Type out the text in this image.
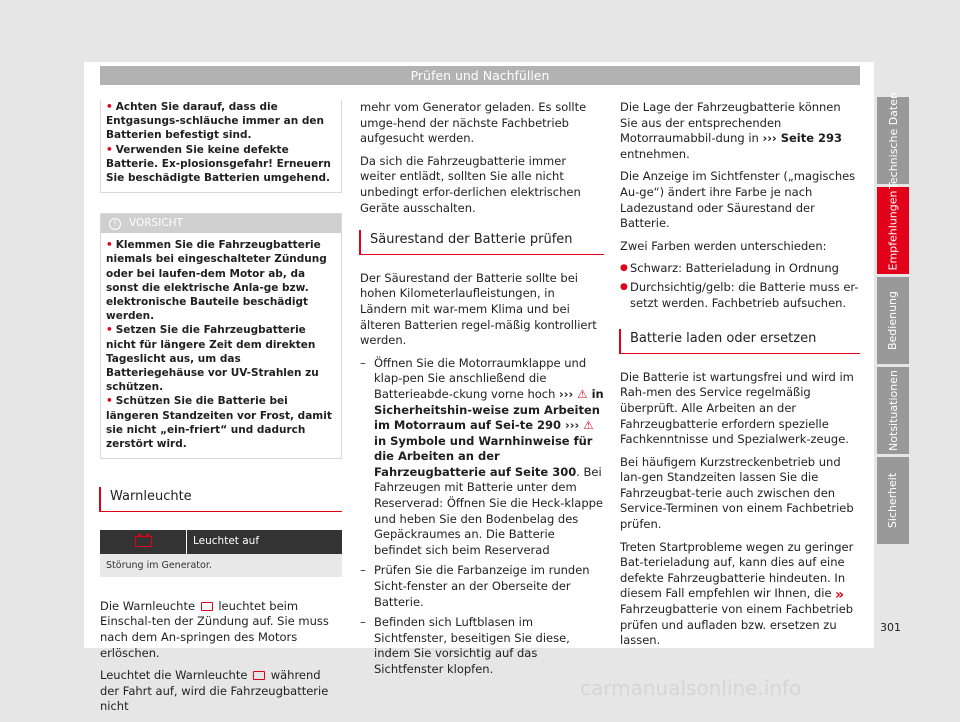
Prüfen und Nachfüllen

• Achten Sie darauf, dass die Entgasungs-schläuche immer an den Batterien befestigt sind.

• Verwenden Sie keine defekte Batterie. Ex-plosionsgefahr! Erneuern Sie beschädigte Batterien umgehend.

!	VORSICHT

• Klemmen Sie die Fahrzeugbatterie niemals bei eingeschalteter Zündung oder bei laufen-dem Motor ab, da sonst die elektrische Anla-ge bzw. elektronische Bauteile beschädigt werden.

• Setzen Sie die Fahrzeugbatterie nicht für längere Zeit dem direkten Tageslicht aus, um das Batteriegehäuse vor UV-Strahlen zu schützen.

• Schützen Sie die Batterie bei längeren Standzeiten vor Frost, damit sie nicht „ein-friert“ und dadurch zerstört wird.

Warnleuchte
	Leuchtet auf
Störung im Generator.

Die Warnleuchte leuchtet beim Einschal-ten der Zündung auf. Sie muss nach dem An-springen des Motors erlöschen.

Leuchtet die Warnleuchte während der Fahrt auf, wird die Fahrzeugbatterie nicht

mehr vom Generator geladen. Es sollte umge-hend der nächste Fachbetrieb aufgesucht werden.

Da sich die Fahrzeugbatterie immer weiter entlädt, sollten Sie alle nicht unbedingt erfor-derlichen elektrischen Geräte ausschalten.

Säurestand der Batterie prüfen

Der Säurestand der Batterie sollte bei hohen Kilometerlaufleistungen, in Ländern mit war-mem Klima und bei älteren Batterien regel-mäßig kontrolliert werden.

– Öffnen Sie die Motorraumklappe und klap-pen Sie anschließend die Batterieabde-ckung vorne hoch ››› ⚠ in Sicherheitshin-weise zum Arbeiten im Motorraum auf Sei-te 290 ››› ⚠ in Symbole und Warnhinweise für die Arbeiten an der Fahrzeugbatterie auf Seite 300. Bei Fahrzeugen mit Batterie unter dem Reserverad: Öffnen Sie die Heck-klappe und heben Sie den Bodenbelag des Gepäckraumes an. Die Batterie befindet sich beim Reserverad
– Prüfen Sie die Farbanzeige im runden Sicht-fenster an der Oberseite der Batterie.
– Befinden sich Luftblasen im Sichtfenster, beseitigen Sie diese, indem Sie vorsichtig auf das Sichtfenster klopfen.

Die Lage der Fahrzeugbatterie können Sie aus der entsprechenden Motorraumabbil-dung in ››› Seite 293 entnehmen.

Die Anzeige im Sichtfenster („magisches Au-ge“) ändert ihre Farbe je nach Ladezustand oder Säurestand der Batterie.

Zwei Farben werden unterschieden:

● Schwarz: Batterieladung in Ordnung
● Durchsichtig/gelb: die Batterie muss er-setzt werden. Fachbetrieb aufsuchen.
Batterie laden oder ersetzen

Die Batterie ist wartungsfrei und wird im Rah-men des Service regelmäßig überprüft. Alle Arbeiten an der Fahrzeugbatterie erfordern spezielle Fachkenntnisse und Spezialwerk-zeuge.

Bei häufigem Kurzstreckenbetrieb und lan-gen Standzeiten lassen Sie die Fahrzeugbat-terie auch zwischen den Service-Terminen von einem Fachbetrieb prüfen.

Treten Startprobleme wegen zu geringer Bat-terieladung auf, kann dies auf eine defekte Fahrzeugbatterie hindeuten. In diesem Fall empfehlen wir Ihnen, die Fahrzeugbatterie von einem Fachbetrieb prüfen und aufladen bzw. ersetzen zu lassen.

»
Technische Daten
Empfehlungen
Bedienung
Notsituationen
Sicherheit
301
carmanualsonline.info
